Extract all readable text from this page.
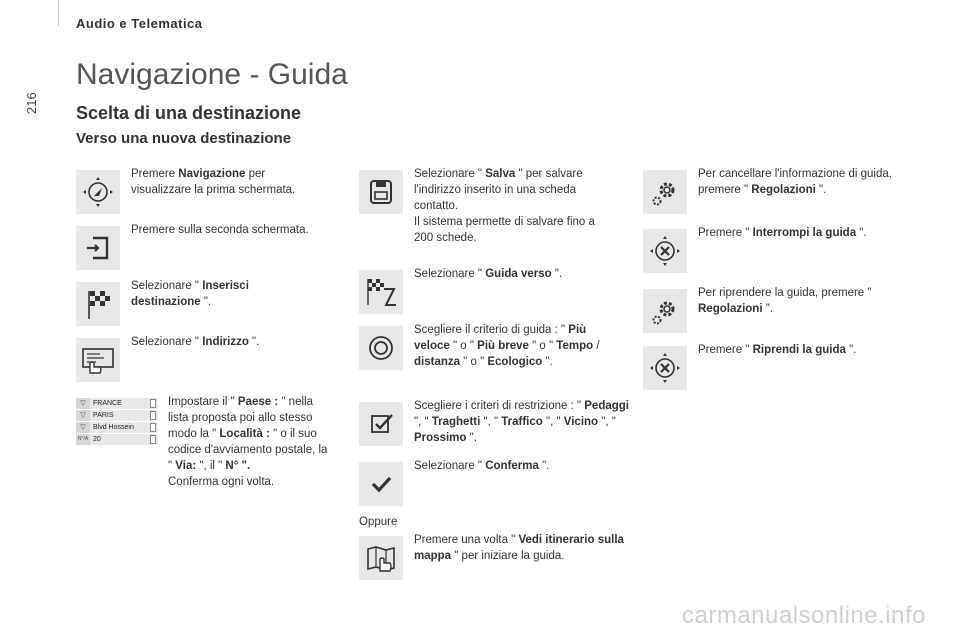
Audio e Telematica
216
Navigazione - Guida
Scelta di una destinazione
Verso una nuova destinazione
Premere Navigazione per visualizzare la prima schermata.
Premere sulla seconda schermata.
Selezionare " Inserisci destinazione ".
Selezionare " Indirizzo ".
▽	FRANCE
▽	PARIS
▽	Blvd Hossein
N°/A 20
Impostare il " Paese : " nella lista proposta poi allo stesso modo la " Località : " o il suo codice d'avviamento postale, la " Via: ", il " N° ".
Conferma ogni volta.
Selezionare " Salva " per salvare l'indirizzo inserito in una scheda contatto.
Il sistema permette di salvare fino a 200 schede.
Selezionare " Guida verso ".
Scegliere il criterio di guida : " Più veloce " o " Più breve " o " Tempo / distanza " o " Ecologico ".
Scegliere i criteri di restrizione : " Pedaggi ", " Traghetti ", " Traffico ", " Vicino ", " Prossimo ".
Selezionare " Conferma ".
Oppure
Premere una volta " Vedi itinerario sulla mappa " per iniziare la guida.
Per cancellare l'informazione di guida, premere " Regolazioni ".
Premere " Interrompi la guida ".
Per riprendere la guida, premere " Regolazioni ".
Premere " Riprendi la guida ".
carmanualsonline.info
